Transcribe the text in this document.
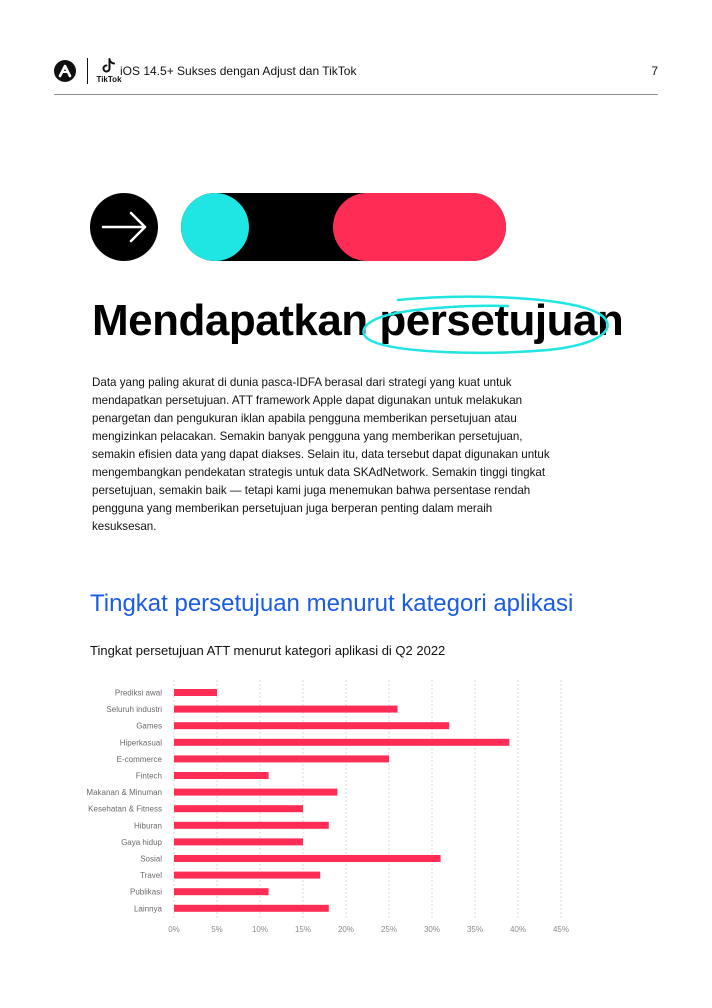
TikTok
iOS 14.5+ Sukses dengan Adjust dan TikTok	7
Mendapatkan persetujuan

Data yang paling akurat di dunia pasca-IDFA berasal dari strategi yang kuat untuk mendapatkan persetujuan. ATT framework Apple dapat digunakan untuk melakukan penargetan dan pengukuran iklan apabila pengguna memberikan persetujuan atau mengizinkan pelacakan. Semakin banyak pengguna yang memberikan persetujuan, semakin efisien data yang dapat diakses. Selain itu, data tersebut dapat digunakan untuk mengembangkan pendekatan strategis untuk data SKAdNetwork. Semakin tinggi tingkat persetujuan, semakin baik — tetapi kami juga menemukan bahwa persentase rendah pengguna yang memberikan persetujuan juga berperan penting dalam meraih kesuksesan.

Tingkat persetujuan menurut kategori aplikasi
Tingkat persetujuan ATT menurut kategori aplikasi di Q2 2022
0%	5%	10%	15%	20%	25%	30%	35%	40%	45%
Prediksi awal
Seluruh industri
Games
Hiperkasual
E-commerce
Fintech
Makanan & Minuman
Kesehatan & Fitness
Hiburan
Gaya hidup
Sosial
Travel
Publikasi
Lainnya
